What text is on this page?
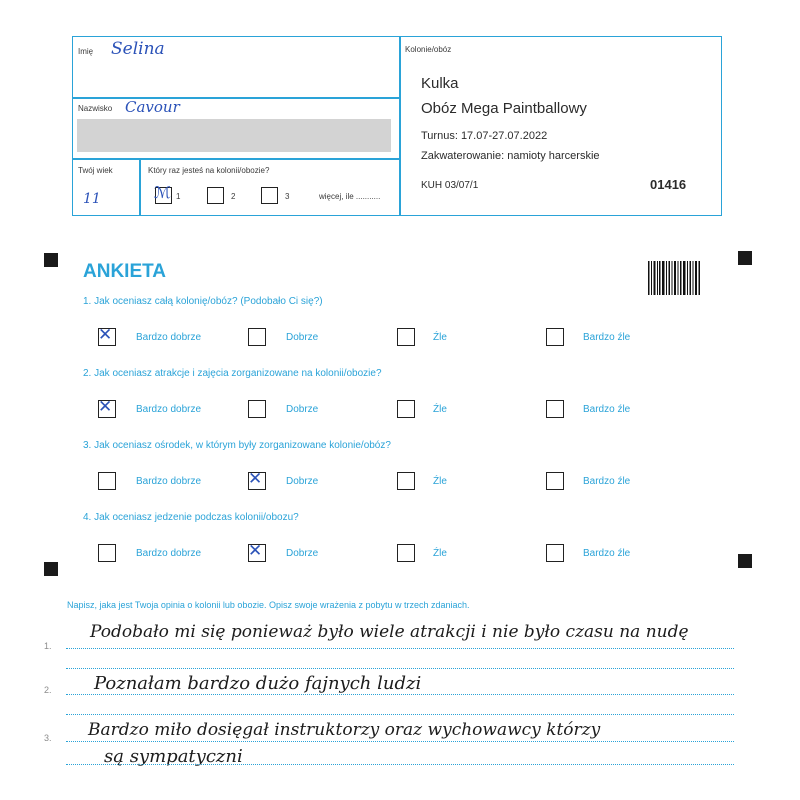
Imię Selina
Nazwisko Cavour
Twój wiek
11
Który raz jesteś na kolonii/obozie?
ℳ 1	2	3	więcej, ile ...........
Kolonie/obóz
Kulka
Obóz Mega Paintballowy
Turnus: 17.07-27.07.2022
Zakwaterowanie: namioty harcerskie
KUH 03/07/1	01416
ANKIETA
1. Jak oceniasz całą kolonię/obóz? (Podobało Ci się?)
✕ Bardzo dobrze	Dobrze	Źle	Bardzo źle
2. Jak oceniasz atrakcje i zajęcia zorganizowane na kolonii/obozie?
✕ Bardzo dobrze	Dobrze	Źle	Bardzo źle
3. Jak oceniasz ośrodek, w którym były zorganizowane kolonie/obóz?
Bardzo dobrze	✕ Dobrze	Źle	Bardzo źle
4. Jak oceniasz jedzenie podczas kolonii/obozu?
Bardzo dobrze	✕ Dobrze	Źle	Bardzo źle
Napisz, jaka jest Twoja opinia o kolonii lub obozie. Opisz swoje wrażenia z pobytu w trzech zdaniach.
1.
Podobało mi się ponieważ było wiele atrakcji i nie było czasu na nudę
2. Poznałam bardzo dużo fajnych ludzi
3. Bardzo miło dosięgał instruktorzy oraz wychowawcy którzy
są sympatyczni
